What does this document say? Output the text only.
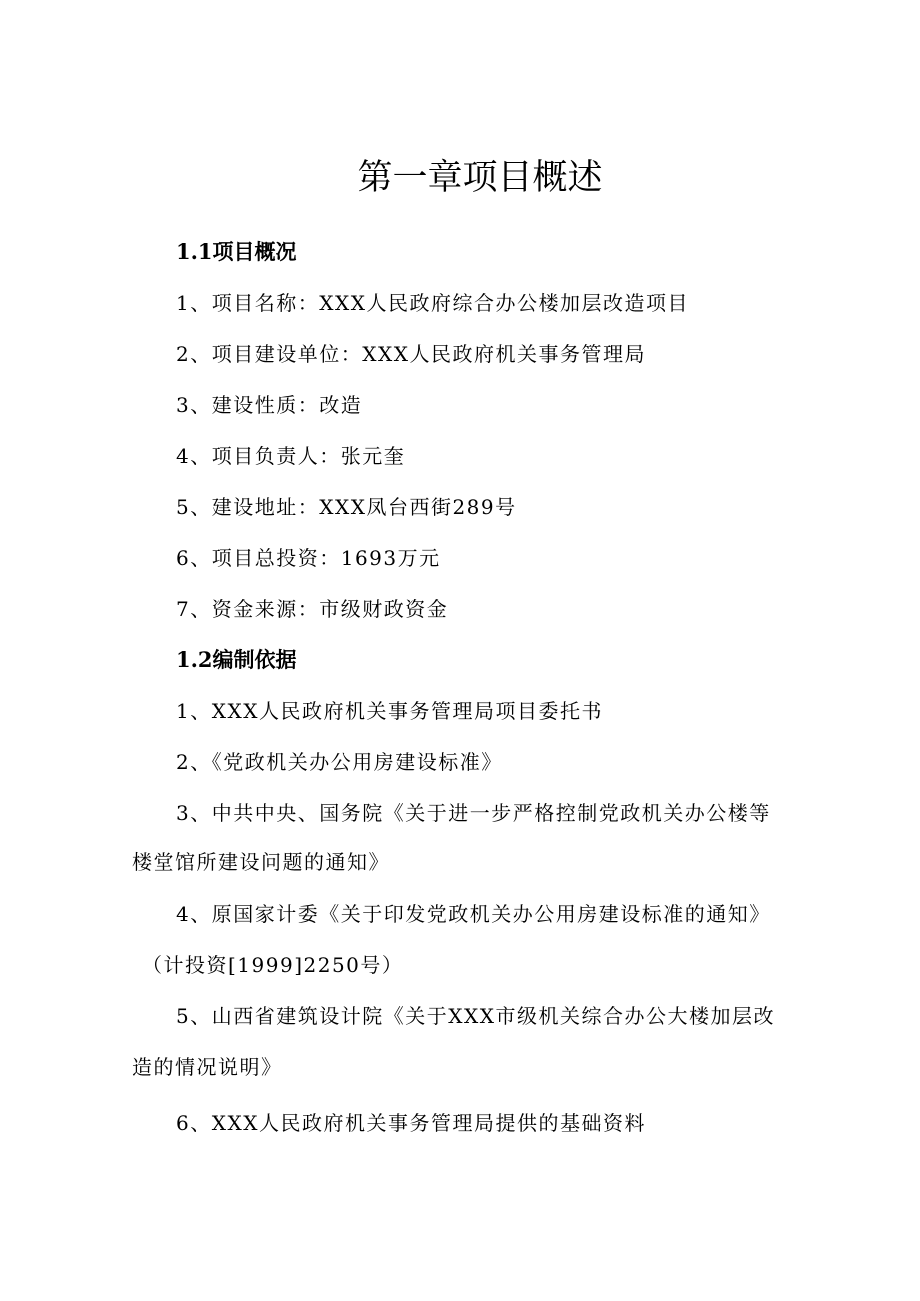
第一章项目概述
1.1项目概况
1、项目名称：XXX人民政府综合办公楼加层改造项目
2、项目建设单位：XXX人民政府机关事务管理局
3、建设性质：改造
4、项目负责人：张元奎
5、建设地址：XXX凤台西街289号
6、项目总投资：1693万元
7、资金来源：市级财政资金
1.2编制依据
1、XXX人民政府机关事务管理局项目委托书
2、《党政机关办公用房建设标准》
3、中共中央、国务院《关于进一步严格控制党政机关办公楼等
楼堂馆所建设问题的通知》
4、原国家计委《关于印发党政机关办公用房建设标准的通知》
（计投资[1999]2250号）
5、山西省建筑设计院《关于XXX市级机关综合办公大楼加层改
造的情况说明》
6、XXX人民政府机关事务管理局提供的基础资料
